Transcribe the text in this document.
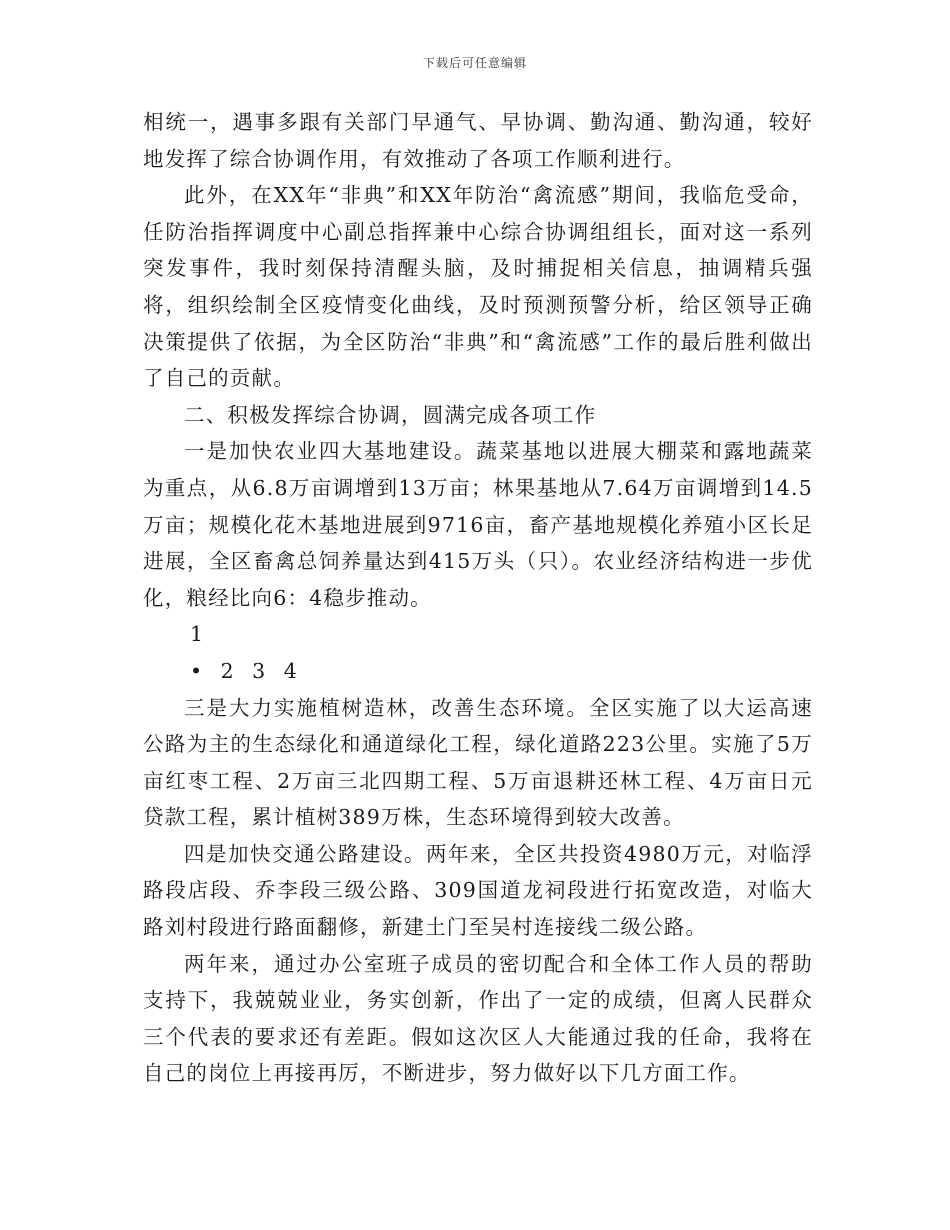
下载后可任意编辑

相统一，遇事多跟有关部门早通气、早协调、勤沟通、勤沟通，较好地发挥了综合协调作用，有效推动了各项工作顺利进行。

此外，在XX年“非典”和XX年防治“禽流感”期间，我临危受命，任防治指挥调度中心副总指挥兼中心综合协调组组长，面对这一系列突发事件，我时刻保持清醒头脑，及时捕捉相关信息，抽调精兵强将，组织绘制全区疫情变化曲线，及时预测预警分析，给区领导正确决策提供了依据，为全区防治“非典”和“禽流感”工作的最后胜利做出了自己的贡献。

二、积极发挥综合协调，圆满完成各项工作

一是加快农业四大基地建设。蔬菜基地以进展大棚菜和露地蔬菜为重点，从6.8万亩调增到13万亩；林果基地从7.64万亩调增到14.5万亩；规模化花木基地进展到9716亩，畜产基地规模化养殖小区长足进展，全区畜禽总饲养量达到415万头（只）。农业经济结构进一步优化，粮经比向6：4稳步推动。

1

• 2 3 4

三是大力实施植树造林，改善生态环境。全区实施了以大运高速公路为主的生态绿化和通道绿化工程，绿化道路223公里。实施了5万亩红枣工程、2万亩三北四期工程、5万亩退耕还林工程、4万亩日元贷款工程，累计植树389万株，生态环境得到较大改善。

四是加快交通公路建设。两年来，全区共投资4980万元，对临浮路段店段、乔李段三级公路、309国道龙祠段进行拓宽改造，对临大路刘村段进行路面翻修，新建土门至吴村连接线二级公路。

两年来，通过办公室班子成员的密切配合和全体工作人员的帮助支持下，我兢兢业业，务实创新，作出了一定的成绩，但离人民群众三个代表的要求还有差距。假如这次区人大能通过我的任命，我将在自己的岗位上再接再厉，不断进步，努力做好以下几方面工作。
